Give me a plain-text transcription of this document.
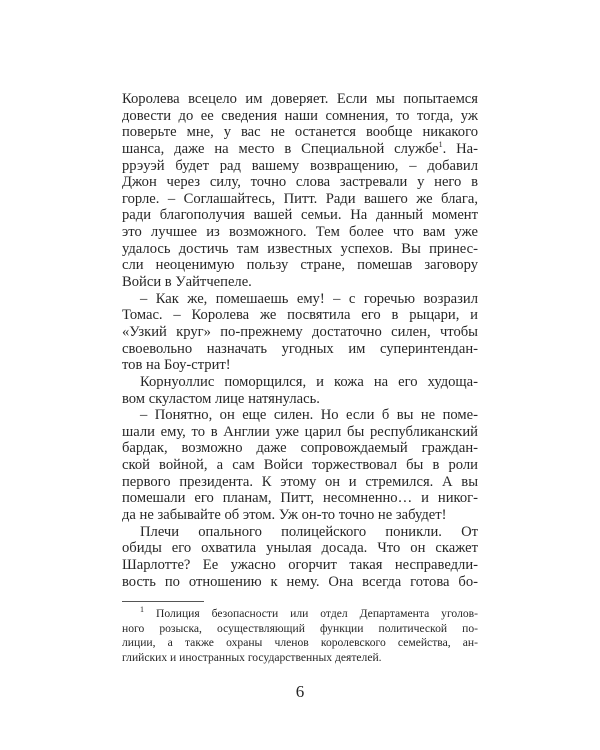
Королева всецело им доверяет. Если мы попытаемся
довести до ее сведения наши сомнения, то тогда, уж
поверьте мне, у вас не останется вообще никакого
шанса, даже на место в Специальной службе$^1$. На-
ррэуэй будет рад вашему возвращению, – добавил
Джон через силу, точно слова застревали у него в
горле. – Соглашайтесь, Питт. Ради вашего же блага,
ради благополучия вашей семьи. На данный момент
это лучшее из возможного. Тем более что вам уже
удалось достичь там известных успехов. Вы принес-
сли неоценимую пользу стране, помешав заговору
Войси в Уайтчепеле.
– Как же, помешаешь ему! – с горечью возразил
Томас. – Королева же посвятила его в рыцари, и
«Узкий круг» по-прежнему достаточно силен, чтобы
своевольно назначать угодных им суперинтендан-
тов на Боу-стрит!
Корнуоллис поморщился, и кожа на его худоща-
вом скуластом лице натянулась.
– Понятно, он еще силен. Но если б вы не поме-
шали ему, то в Англии уже царил бы республиканский
бардак, возможно даже сопровождаемый граждан-
ской войной, а сам Войси торжествовал бы в роли
первого президента. К этому он и стремился. А вы
помешали его планам, Питт, несомненно… и никог-
да не забывайте об этом. Уж он-то точно не забудет!
Плечи опального полицейского поникли. От
обиды его охватила унылая досада. Что он скажет
Шарлотте? Ее ужасно огорчит такая несправедли-
вость по отношению к нему. Она всегда готова бо-
$^1$ Полиция безопасности или отдел Департамента уголов-
ного розыска, осуществляющий функции политической по-
лиции, а также охраны членов королевского семейства, ан-
глийских и иностранных государственных деятелей.
6
